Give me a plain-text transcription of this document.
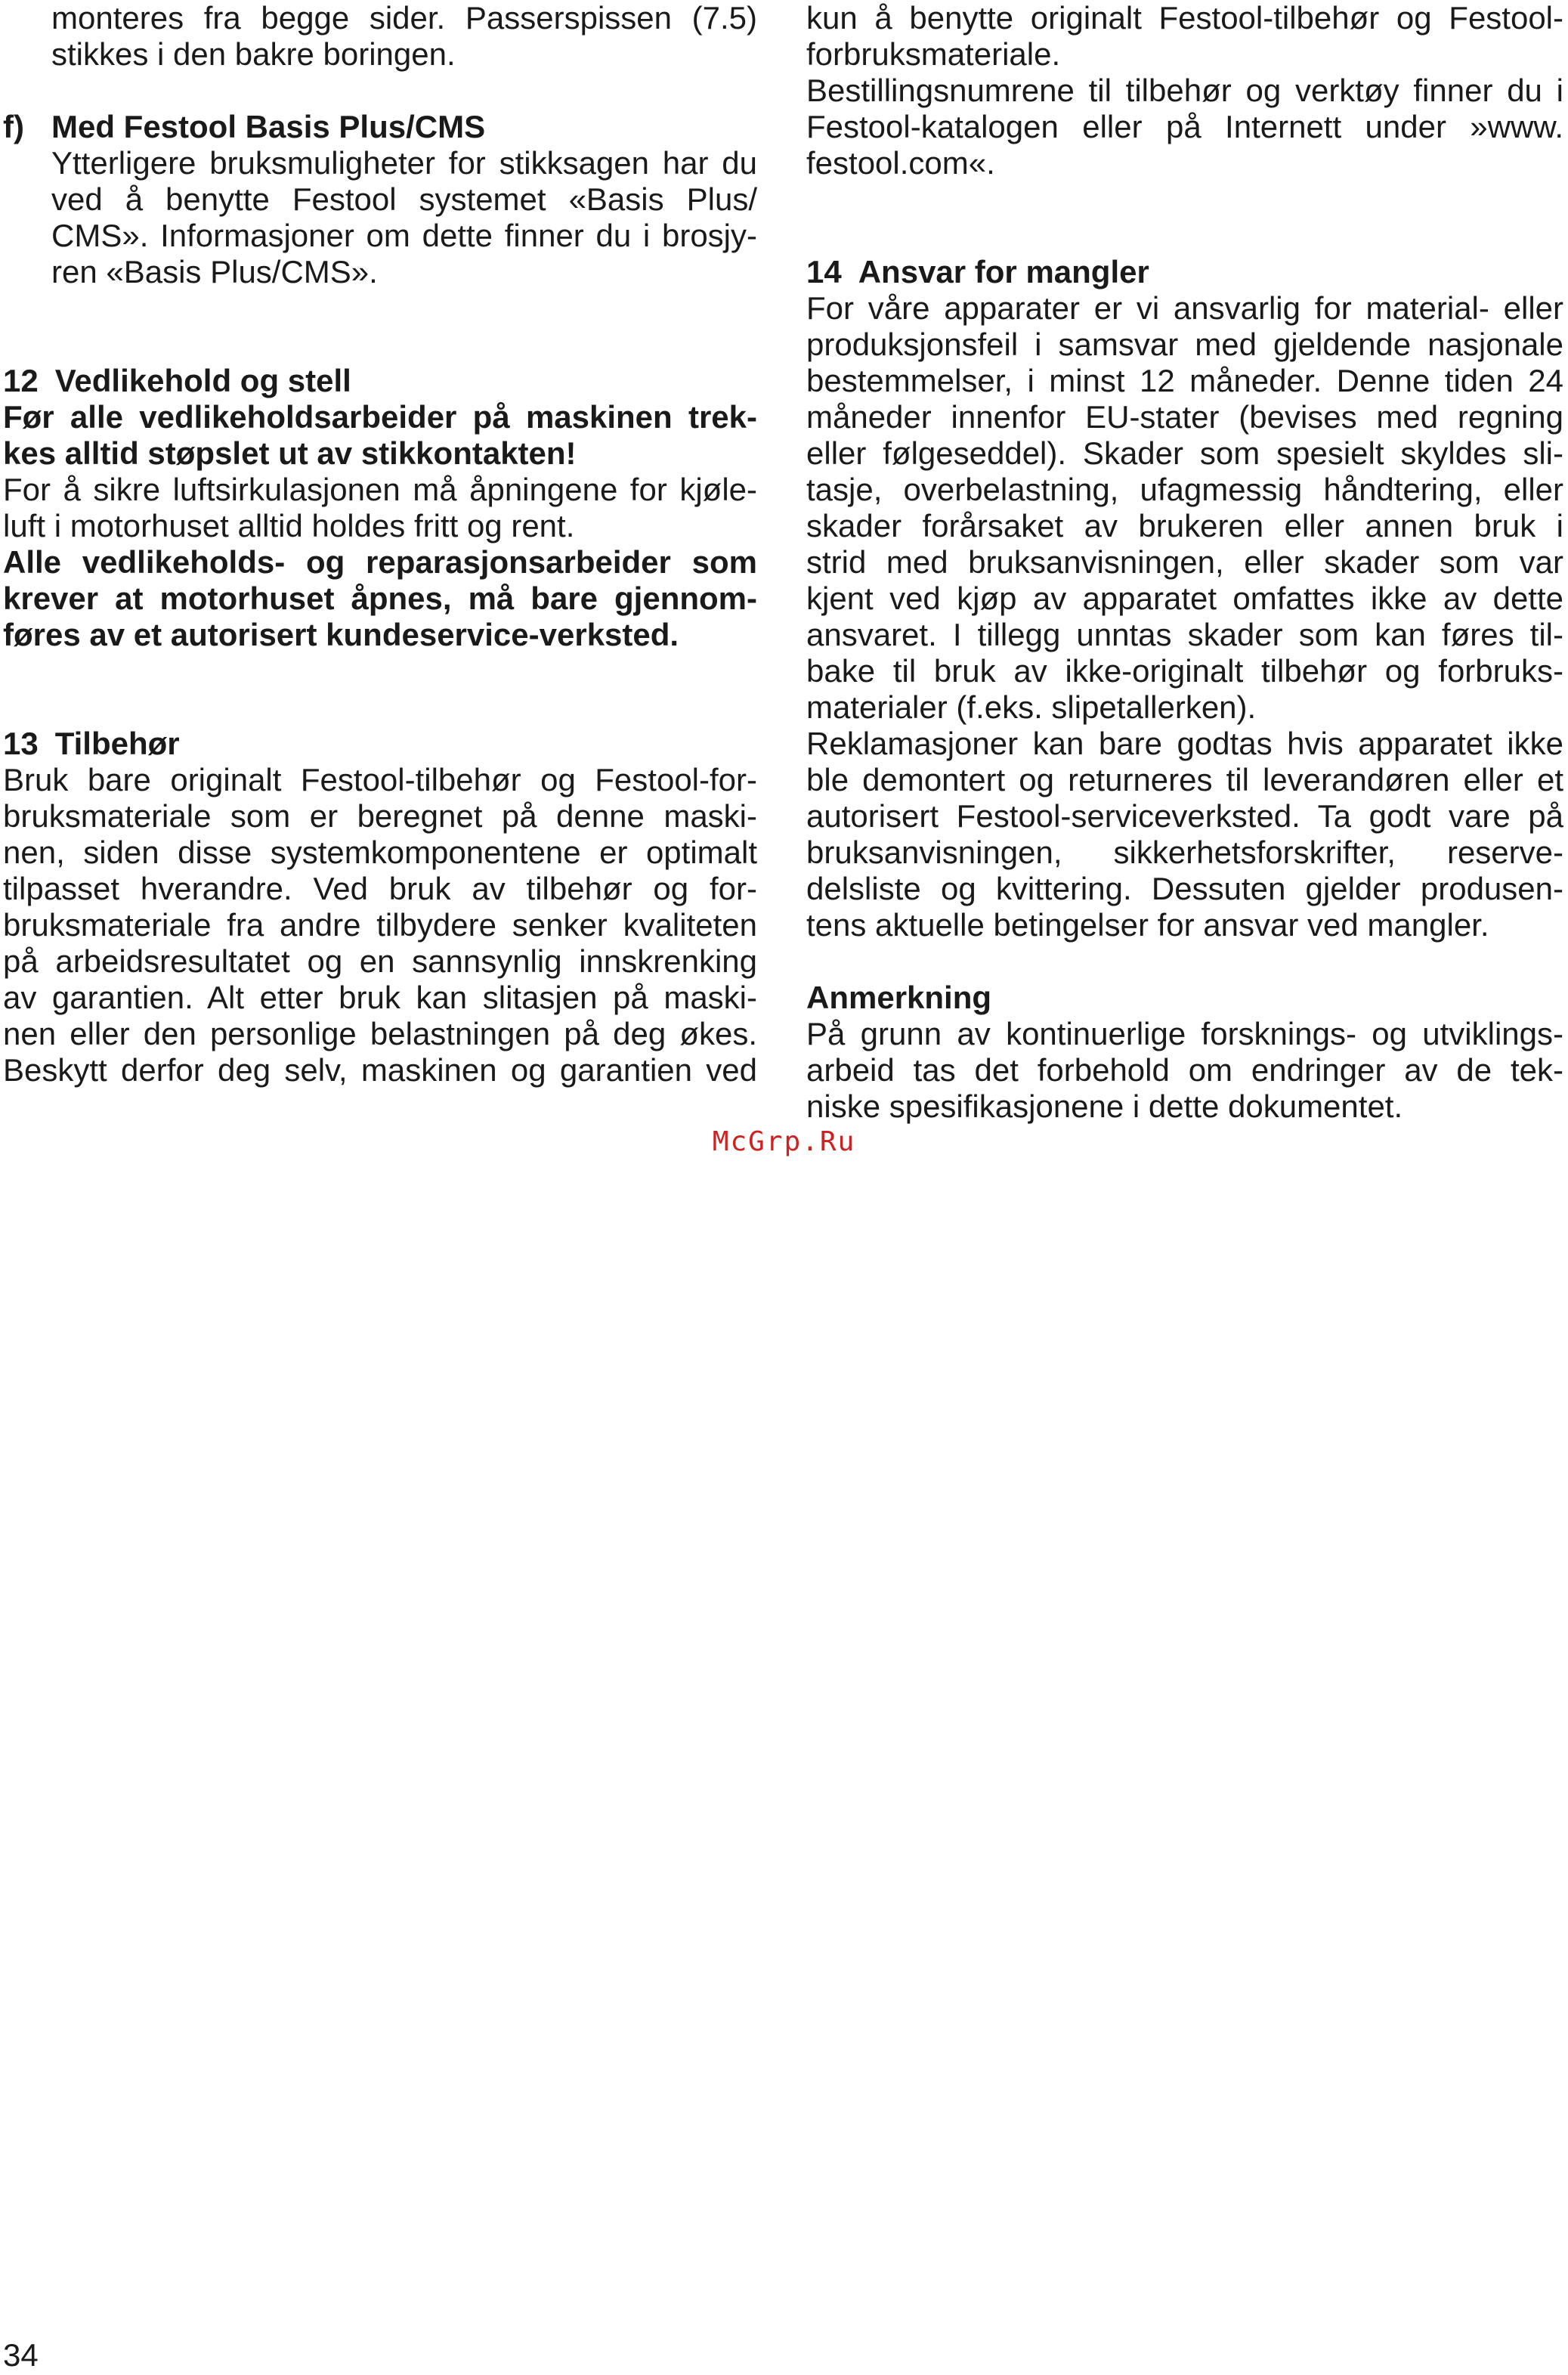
monteres fra begge sider. Passerspissen (7.5)
stikkes i den bakre boringen.
f) Med Festool Basis Plus/CMS
Ytterligere bruksmuligheter for stikksagen har du
ved å benytte Festool systemet «Basis Plus/
CMS». Informasjoner om dette finner du i brosjy-
ren «Basis Plus/CMS».
12 Vedlikehold og stell
Før alle vedlikeholdsarbeider på maskinen trek-
kes alltid støpslet ut av stikkontakten!
For å sikre luftsirkulasjonen må åpningene for kjøle-
luft i motorhuset alltid holdes fritt og rent.
Alle vedlikeholds- og reparasjonsarbeider som
krever at motorhuset åpnes, må bare gjennom-
føres av et autorisert kundeservice-verksted.
13 Tilbehør
Bruk bare originalt Festool-tilbehør og Festool-for-
bruksmateriale som er beregnet på denne maski-
nen, siden disse systemkomponentene er optimalt
tilpasset hverandre. Ved bruk av tilbehør og for-
bruksmateriale fra andre tilbydere senker kvaliteten
på arbeidsresultatet og en sannsynlig innskrenking
av garantien. Alt etter bruk kan slitasjen på maski-
nen eller den personlige belastningen på deg økes.
Beskytt derfor deg selv, maskinen og garantien ved
kun å benytte originalt Festool-tilbehør og Festool-
forbruksmateriale.
Bestillingsnumrene til tilbehør og verktøy finner du i
Festool-katalogen eller på Internett under »www.
festool.com«.
14 Ansvar for mangler
For våre apparater er vi ansvarlig for material- eller
produksjonsfeil i samsvar med gjeldende nasjonale
bestemmelser, i minst 12 måneder. Denne tiden 24
måneder innenfor EU-stater (bevises med regning
eller følgeseddel). Skader som spesielt skyldes sli-
tasje, overbelastning, ufagmessig håndtering, eller
skader forårsaket av brukeren eller annen bruk i
strid med bruksanvisningen, eller skader som var
kjent ved kjøp av apparatet omfattes ikke av dette
ansvaret. I tillegg unntas skader som kan føres til-
bake til bruk av ikke-originalt tilbehør og forbruks-
materialer (f.eks. slipetallerken).
Reklamasjoner kan bare godtas hvis apparatet ikke
ble demontert og returneres til leverandøren eller et
autorisert Festool-serviceverksted. Ta godt vare på
bruksanvisningen, sikkerhetsforskrifter, reserve-
delsliste og kvittering. Dessuten gjelder produsen-
tens aktuelle betingelser for ansvar ved mangler.
Anmerkning
På grunn av kontinuerlige forsknings- og utviklings-
arbeid tas det forbehold om endringer av de tek-
niske spesifikasjonene i dette dokumentet.
McGrp.Ru
34
